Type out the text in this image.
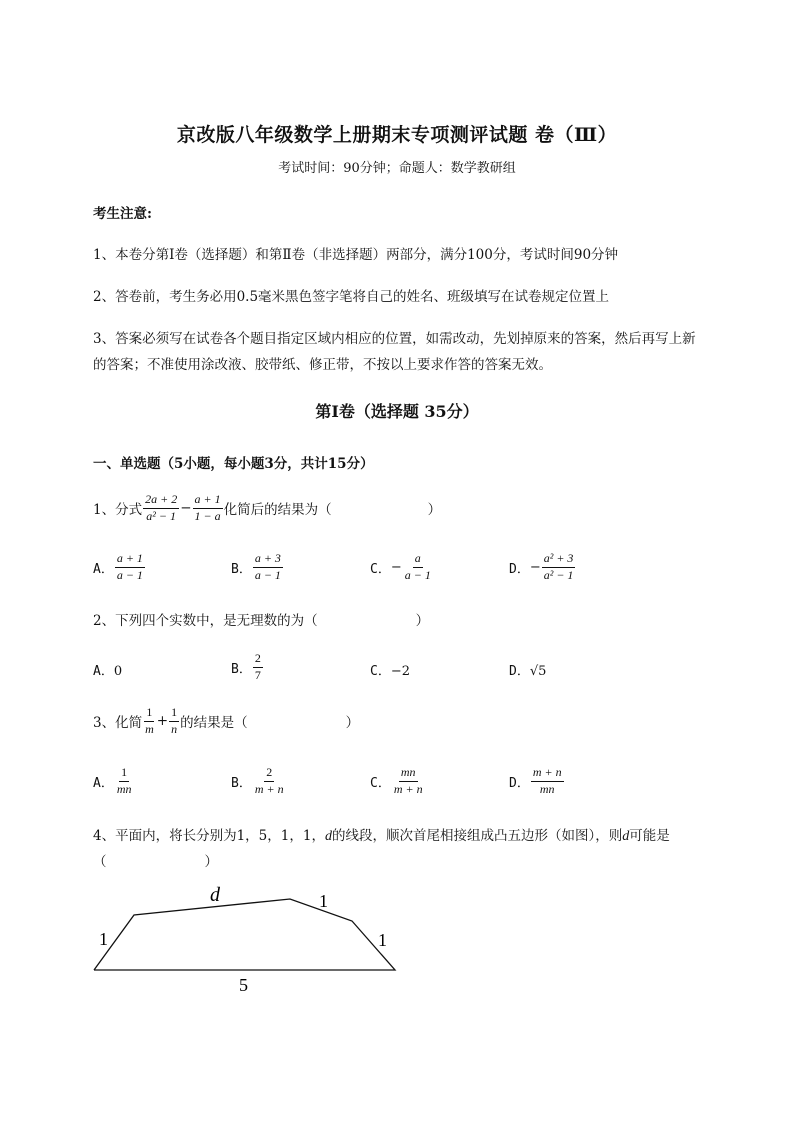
京改版八年级数学上册期末专项测评试题 卷（Ⅲ）
考试时间：90分钟；命题人：数学教研组
考生注意:
1、本卷分第I卷（选择题）和第Ⅱ卷（非选择题）两部分，满分100分，考试时间90分钟
2、答卷前，考生务必用0.5毫米黑色签字笔将自己的姓名、班级填写在试卷规定位置上
3、答案必须写在试卷各个题目指定区域内相应的位置，如需改动，先划掉原来的答案，然后再写上新
的答案；不准使用涂改液、胶带纸、修正带，不按以上要求作答的答案无效。
第I卷（选择题 35分）
一、单选题（5小题，每小题3分，共计15分）
1、分式 $\frac{2a + 2}{\text{a² − 1}} - \frac{a + 1}{1 - a}$ 化简后的结果为（	）
A． $\frac{a + 1}{a - 1}$	B． $\frac{a + 3}{a - 1}$	C． − $\frac{a}{a - 1}$	D． − $\frac{\text{a² + 3}}{\text{a² − 1}}$
2、下列四个实数中，是无理数的为（	）
A．0	B． $\frac{2}{7}$	C．−2	D．√5
3、化简 $\frac{1}{m} + \frac{1}{n}$ 的结果是（	）
A． $\frac{1}{mn}$	B． $\frac{2}{m + n}$	C． $\frac{mn}{m + n}$	D． $\frac{m + n}{mn}$
4、平面内，将长分别为1，5，1，1，d的线段，顺次首尾相接组成凸五边形（如图），则d可能是
（	）
d	1
1
1
5
